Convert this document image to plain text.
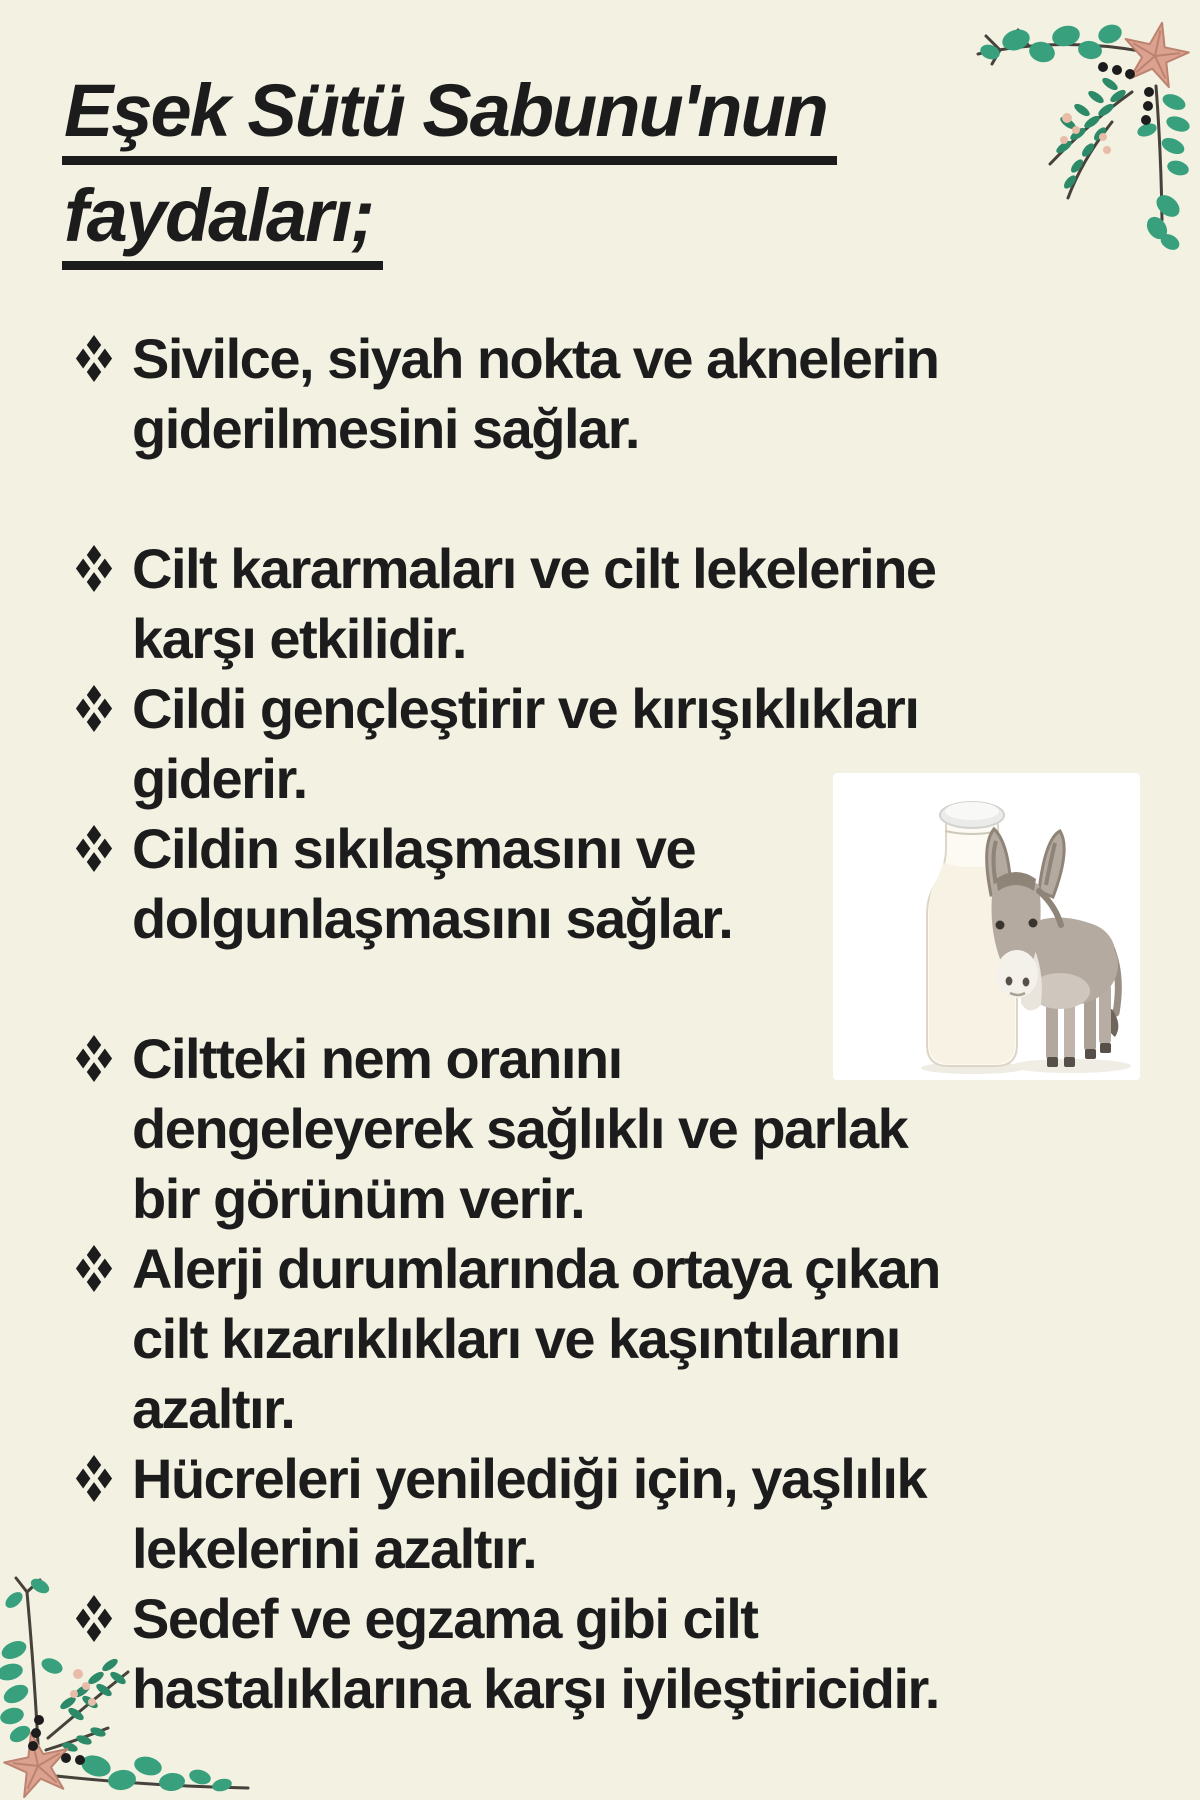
Eşek Sütü Sabunu'nun
faydaları;
Sivilce, siyah nokta ve aknelerin
giderilmesini sağlar.
Cilt kararmaları ve cilt lekelerine
karşı etkilidir.
Cildi gençleştirir ve kırışıklıkları
giderir.
Cildin sıkılaşmasını ve
dolgunlaşmasını sağlar.
Ciltteki nem oranını
dengeleyerek sağlıklı ve parlak
bir görünüm verir.
Alerji durumlarında ortaya çıkan
cilt kızarıklıkları ve kaşıntılarını
azaltır.
Hücreleri yenilediği için, yaşlılık
lekelerini azaltır.
Sedef ve egzama gibi cilt
hastalıklarına karşı iyileştiricidir.
